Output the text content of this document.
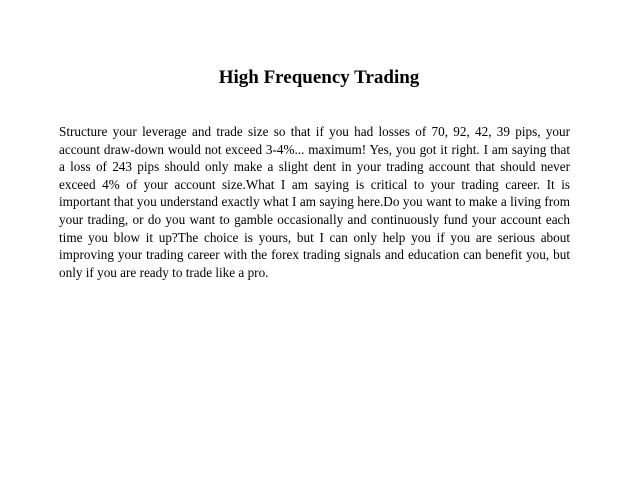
High Frequency Trading

Structure your leverage and trade size so that if you had losses of 70, 92, 42, 39 pips, your account draw-down would not exceed 3-4%... maximum! Yes, you got it right. I am saying that a loss of 243 pips should only make a slight dent in your trading account that should never exceed 4% of your account size.What I am saying is critical to your trading career. It is important that you understand exactly what I am saying here.Do you want to make a living from your trading, or do you want to gamble occasionally and continuously fund your account each time you blow it up?The choice is yours, but I can only help you if you are serious about improving your trading career with the forex trading signals and education can benefit you, but only if you are ready to trade like a pro.
